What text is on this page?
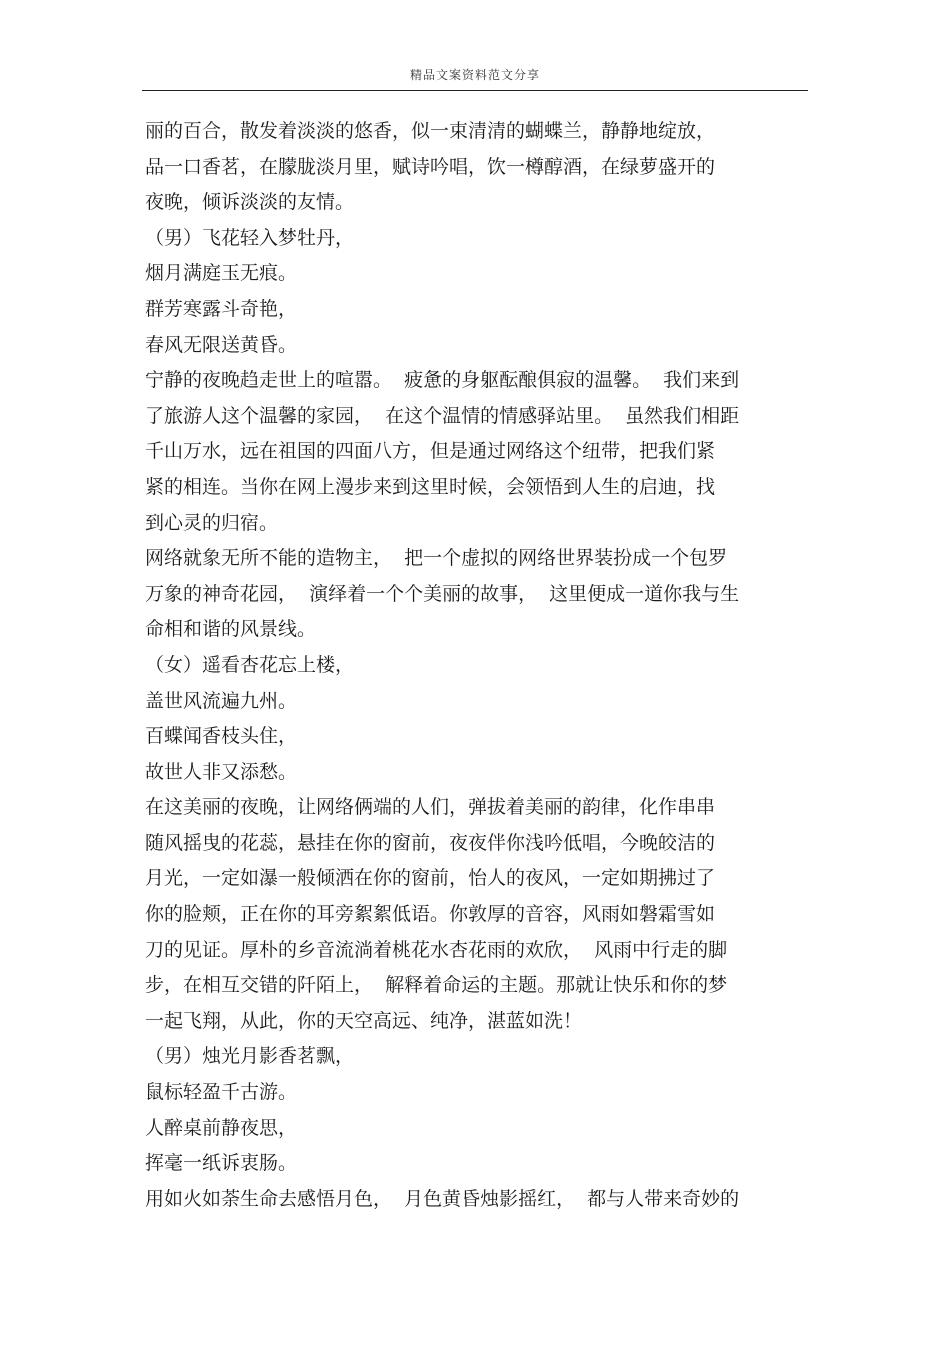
精品文案资料范文分享
丽的百合，散发着淡淡的悠香，似一束清清的蝴蝶兰，静静地绽放，
品一口香茗，在朦胧淡月里，赋诗吟唱，饮一樽醇酒，在绿萝盛开的
夜晚，倾诉淡淡的友情。
（男）飞花轻入梦牡丹，
烟月满庭玉无痕。
群芳寒露斗奇艳，
春风无限送黄昏。
宁静的夜晚趋走世上的喧嚣。  疲惫的身躯酝酿俱寂的温馨。  我们来到
了旅游人这个温馨的家园，  在这个温情的情感驿站里。  虽然我们相距
千山万水，远在祖国的四面八方，但是通过网络这个纽带，把我们紧
紧的相连。当你在网上漫步来到这里时候，会领悟到人生的启迪，找
到心灵的归宿。
网络就象无所不能的造物主，  把一个虚拟的网络世界装扮成一个包罗
万象的神奇花园，  演绎着一个个美丽的故事，  这里便成一道你我与生
命相和谐的风景线。
（女）遥看杏花忘上楼，
盖世风流遍九州。
百蝶闻香枝头住，
故世人非又添愁。
在这美丽的夜晚，让网络俩端的人们，弹拔着美丽的韵律，化作串串
随风摇曳的花蕊，悬挂在你的窗前，夜夜伴你浅吟低唱，今晚皎洁的
月光，一定如瀑一般倾洒在你的窗前，怡人的夜风，一定如期拂过了
你的脸颊，正在你的耳旁絮絮低语。你敦厚的音容，风雨如磐霜雪如
刀的见证。厚朴的乡音流淌着桃花水杏花雨的欢欣，  风雨中行走的脚
步，在相互交错的阡陌上，  解释着命运的主题。那就让快乐和你的梦
一起飞翔，从此，你的天空高远、纯净，湛蓝如洗！
（男）烛光月影香茗飘，
鼠标轻盈千古游。
人醉桌前静夜思，
挥毫一纸诉衷肠。
用如火如荼生命去感悟月色，  月色黄昏烛影摇红，  都与人带来奇妙的
